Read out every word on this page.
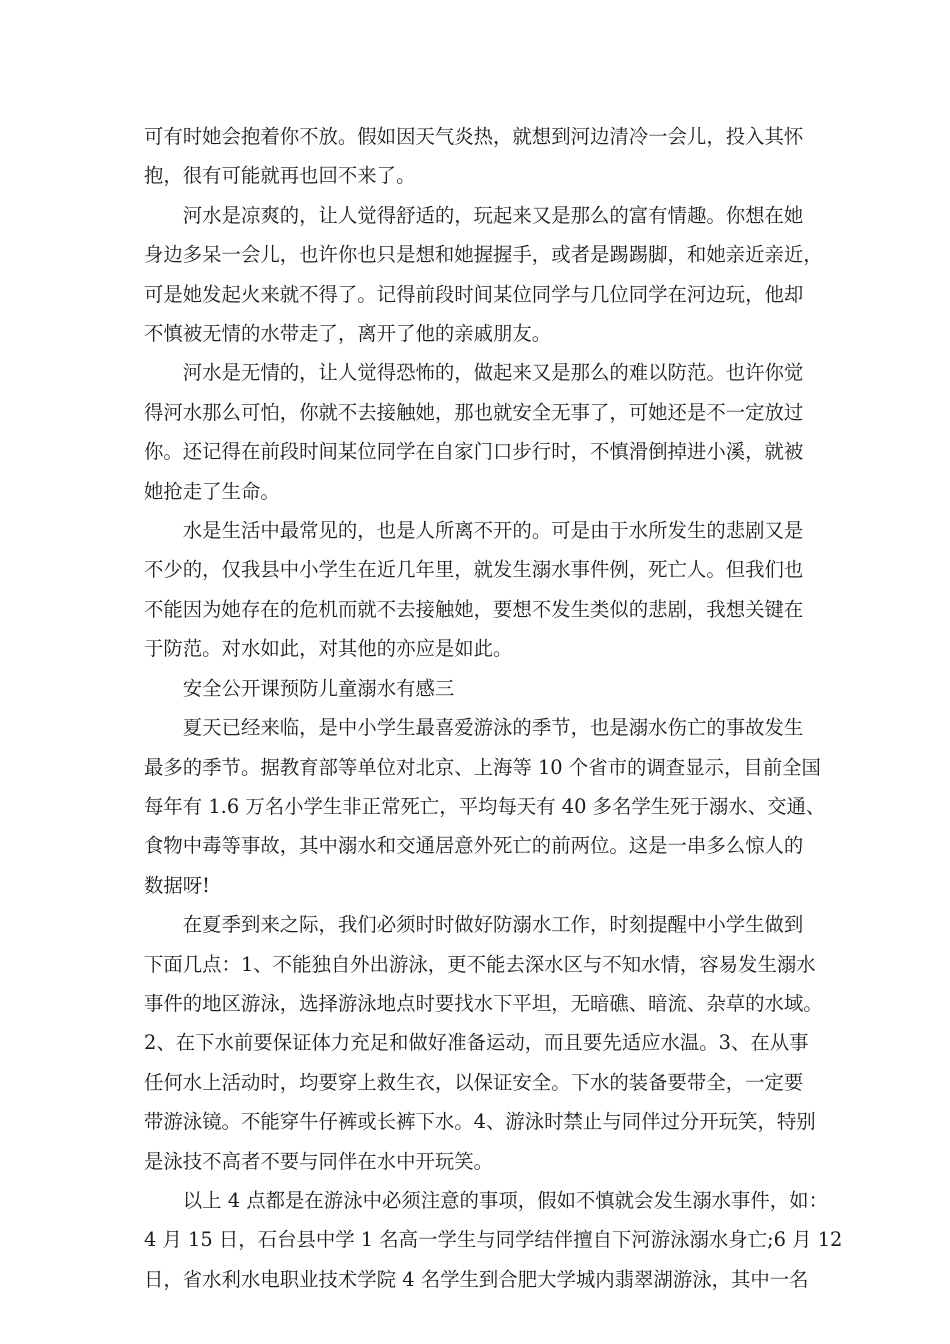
可有时她会抱着你不放。假如因天气炎热，就想到河边清冷一会儿，投入其怀
抱，很有可能就再也回不来了。

河水是凉爽的，让人觉得舒适的，玩起来又是那么的富有情趣。你想在她
身边多呆一会儿，也许你也只是想和她握握手，或者是踢踢脚，和她亲近亲近，
可是她发起火来就不得了。记得前段时间某位同学与几位同学在河边玩，他却
不慎被无情的水带走了，离开了他的亲戚朋友。

河水是无情的，让人觉得恐怖的，做起来又是那么的难以防范。也许你觉
得河水那么可怕，你就不去接触她，那也就安全无事了，可她还是不一定放过
你。还记得在前段时间某位同学在自家门口步行时，不慎滑倒掉进小溪，就被
她抢走了生命。

水是生活中最常见的，也是人所离不开的。可是由于水所发生的悲剧又是
不少的，仅我县中小学生在近几年里，就发生溺水事件例，死亡人。但我们也
不能因为她存在的危机而就不去接触她，要想不发生类似的悲剧，我想关键在
于防范。对水如此，对其他的亦应是如此。

安全公开课预防儿童溺水有感三

夏天已经来临，是中小学生最喜爱游泳的季节，也是溺水伤亡的事故发生
最多的季节。据教育部等单位对北京、上海等 10 个省市的调查显示，目前全国
每年有 1.6 万名小学生非正常死亡，平均每天有 40 多名学生死于溺水、交通、
食物中毒等事故，其中溺水和交通居意外死亡的前两位。这是一串多么惊人的
数据呀!

在夏季到来之际，我们必须时时做好防溺水工作，时刻提醒中小学生做到
下面几点：1、不能独自外出游泳，更不能去深水区与不知水情，容易发生溺水
事件的地区游泳，选择游泳地点时要找水下平坦，无暗礁、暗流、杂草的水域。
2、在下水前要保证体力充足和做好准备运动，而且要先适应水温。3、在从事
任何水上活动时，均要穿上救生衣，以保证安全。下水的装备要带全，一定要
带游泳镜。不能穿牛仔裤或长裤下水。4、游泳时禁止与同伴过分开玩笑，特别
是泳技不高者不要与同伴在水中开玩笑。

以上 4 点都是在游泳中必须注意的事项，假如不慎就会发生溺水事件，如：
4 月 15 日，石台县中学 1 名高一学生与同学结伴擅自下河游泳溺水身亡;6 月 12
日，省水利水电职业技术学院 4 名学生到合肥大学城内翡翠湖游泳，其中一名
